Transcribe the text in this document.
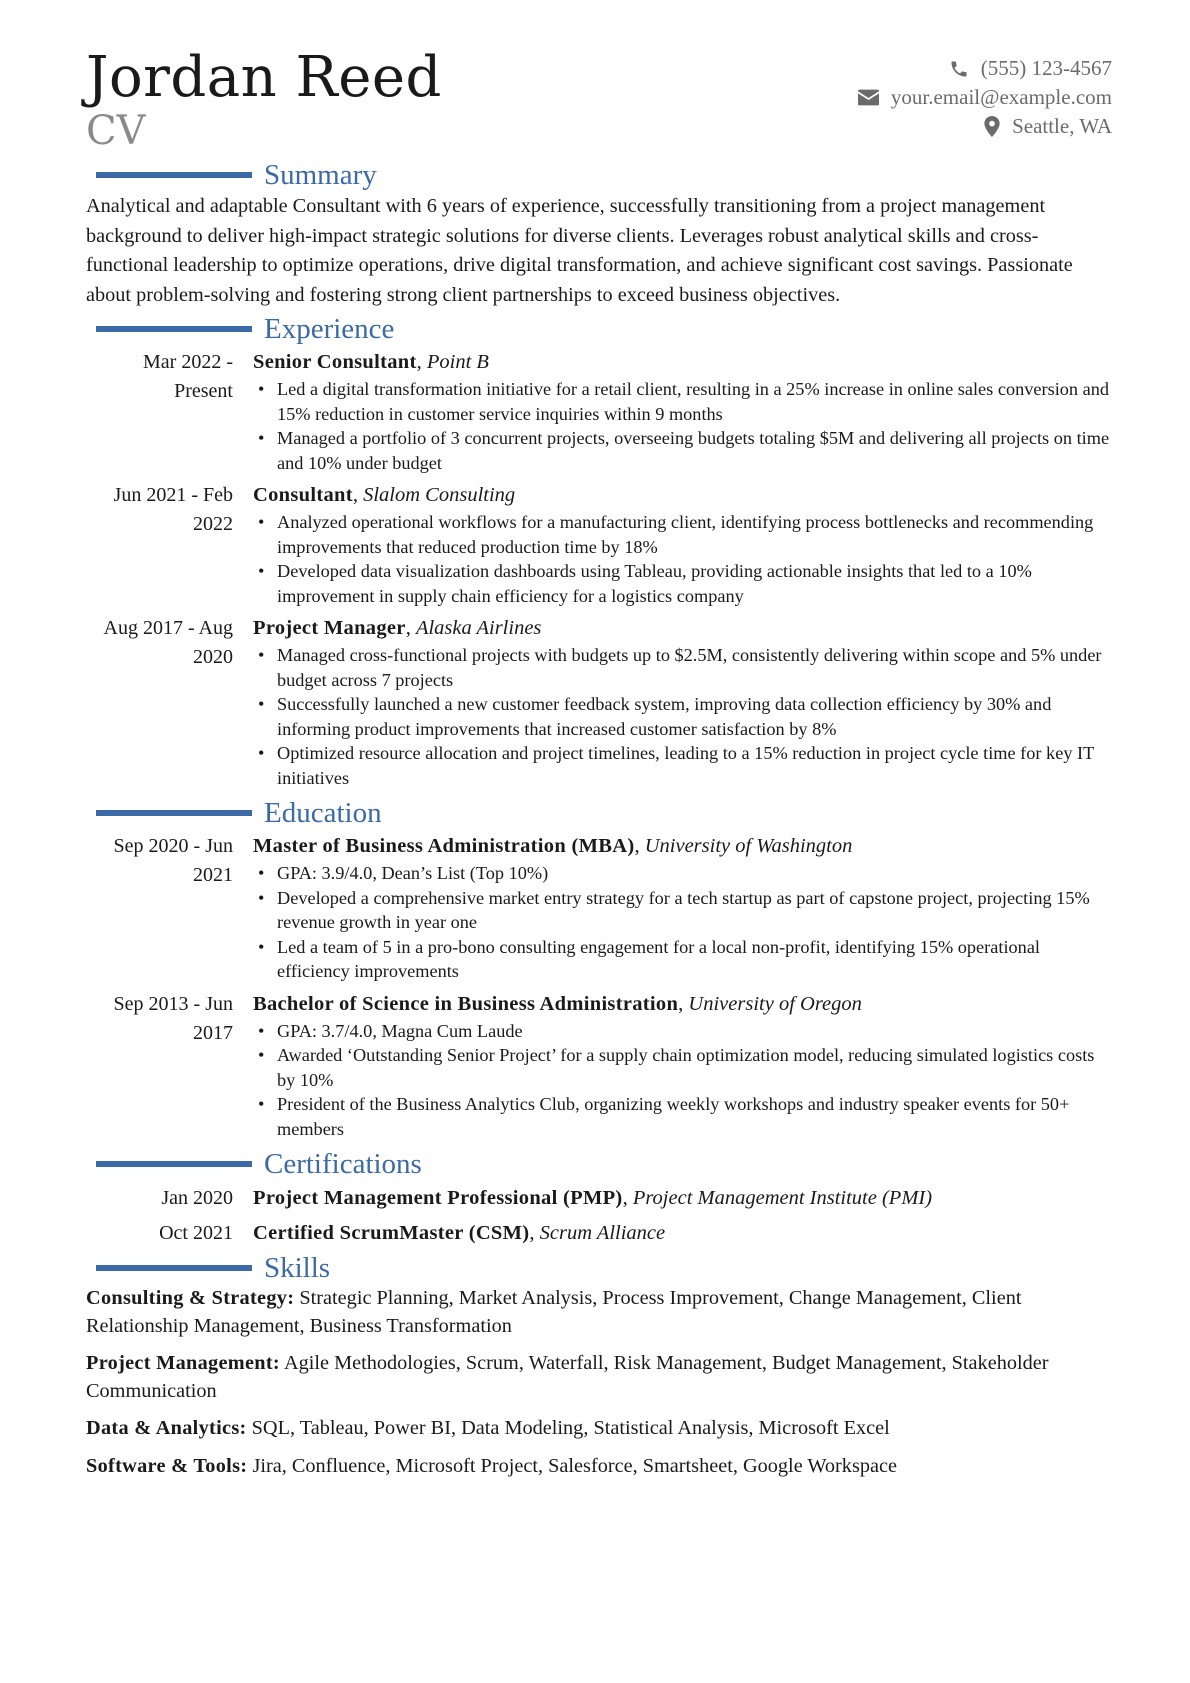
Jordan Reed
CV
(555) 123-4567
your.email@example.com
Seattle, WA
Summary

Analytical and adaptable Consultant with 6 years of experience, successfully transitioning from a project management background to deliver high-impact strategic solutions for diverse clients. Leverages robust analytical skills and cross-functional leadership to optimize operations, drive digital transformation, and achieve significant cost savings. Passionate about problem-solving and fostering strong client partnerships to exceed business objectives.

Experience
Mar 2022 - Present
Senior Consultant, Point B
• Led a digital transformation initiative for a retail client, resulting in a 25% increase in online sales conversion and 15% reduction in customer service inquiries within 9 months
• Managed a portfolio of 3 concurrent projects, overseeing budgets totaling $5M and delivering all projects on time and 10% under budget
Jun 2021 - Feb 2022
Consultant, Slalom Consulting
• Analyzed operational workflows for a manufacturing client, identifying process bottlenecks and recommending improvements that reduced production time by 18%
• Developed data visualization dashboards using Tableau, providing actionable insights that led to a 10% improvement in supply chain efficiency for a logistics company
Aug 2017 - Aug 2020
Project Manager, Alaska Airlines
• Managed cross-functional projects with budgets up to $2.5M, consistently delivering within scope and 5% under budget across 7 projects
• Successfully launched a new customer feedback system, improving data collection efficiency by 30% and informing product improvements that increased customer satisfaction by 8%
• Optimized resource allocation and project timelines, leading to a 15% reduction in project cycle time for key IT initiatives
Education
Sep 2020 - Jun 2021
Master of Business Administration (MBA), University of Washington
• GPA: 3.9/4.0, Dean’s List (Top 10%)
• Developed a comprehensive market entry strategy for a tech startup as part of capstone project, projecting 15% revenue growth in year one
• Led a team of 5 in a pro-bono consulting engagement for a local non-profit, identifying 15% operational efficiency improvements
Sep 2013 - Jun 2017
Bachelor of Science in Business Administration, University of Oregon
• GPA: 3.7/4.0, Magna Cum Laude
• Awarded ‘Outstanding Senior Project’ for a supply chain optimization model, reducing simulated logistics costs by 10%
• President of the Business Analytics Club, organizing weekly workshops and industry speaker events for 50+ members
Certifications
Jan 2020 Project Management Professional (PMP), Project Management Institute (PMI)
Oct 2021 Certified ScrumMaster (CSM), Scrum Alliance
Skills

Consulting & Strategy: Strategic Planning, Market Analysis, Process Improvement, Change Management, Client Relationship Management, Business Transformation

Project Management: Agile Methodologies, Scrum, Waterfall, Risk Management, Budget Management, Stakeholder Communication

Data & Analytics: SQL, Tableau, Power BI, Data Modeling, Statistical Analysis, Microsoft Excel

Software & Tools: Jira, Confluence, Microsoft Project, Salesforce, Smartsheet, Google Workspace
